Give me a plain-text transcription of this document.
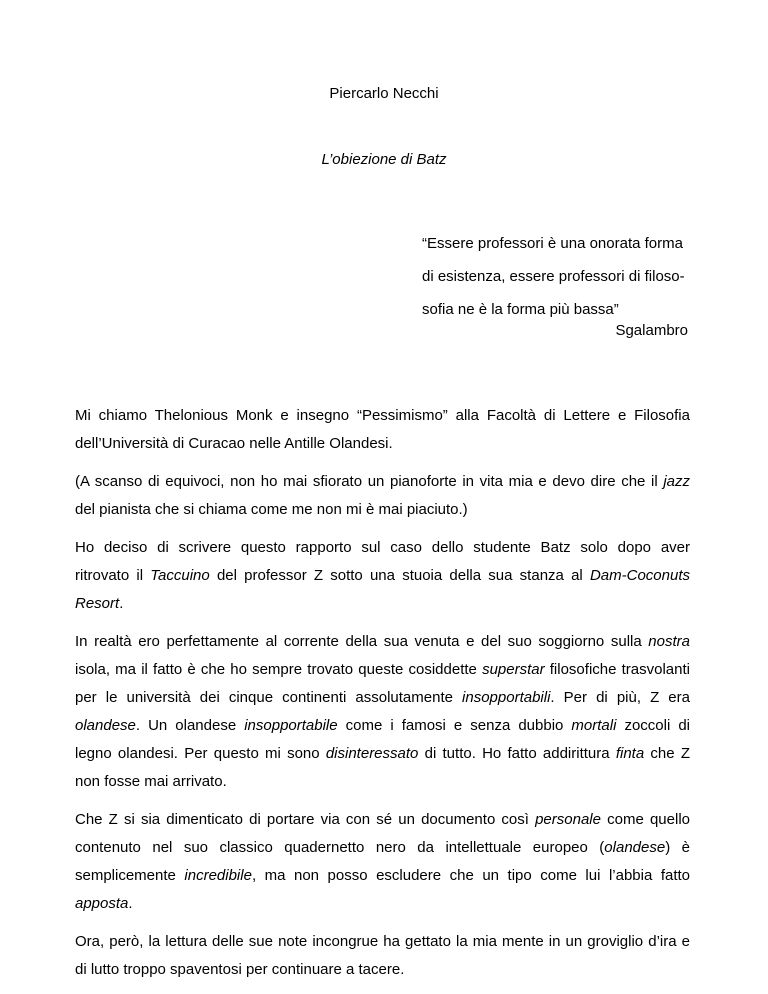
Piercarlo Necchi
L’obiezione di Batz
“Essere professori è una onorata forma
di esistenza, essere professori di filoso-
sofia ne è la forma più bassa”
Sgalambro

Mi chiamo Thelonious Monk e insegno “Pessimismo” alla Facoltà di Lettere e Filosofia
dell’Università di Curacao nelle Antille Olandesi.

(A scanso di equivoci, non ho mai sfiorato un pianoforte in vita mia e devo dire che il jazz
del pianista che si chiama come me non mi è mai piaciuto.)

Ho deciso di scrivere questo rapporto sul caso dello studente Batz solo dopo aver
ritrovato il Taccuino del professor Z sotto una stuoia della sua stanza al Dam-Coconuts
Resort.

In realtà ero perfettamente al corrente della sua venuta e del suo soggiorno sulla nostra
isola, ma il fatto è che ho sempre trovato queste cosiddette superstar filosofiche trasvolanti
per le università dei cinque continenti assolutamente insopportabili. Per di più, Z era
olandese. Un olandese insopportabile come i famosi e senza dubbio mortali zoccoli di
legno olandesi. Per questo mi sono disinteressato di tutto. Ho fatto addirittura finta che Z
non fosse mai arrivato.

Che Z si sia dimenticato di portare via con sé un documento così personale come quello
contenuto nel suo classico quadernetto nero da intellettuale europeo (olandese) è
semplicemente incredibile, ma non posso escludere che un tipo come lui l’abbia fatto
apposta.

Ora, però, la lettura delle sue note incongrue ha gettato la mia mente in un groviglio d’ira e
di lutto troppo spaventosi per continuare a tacere.
